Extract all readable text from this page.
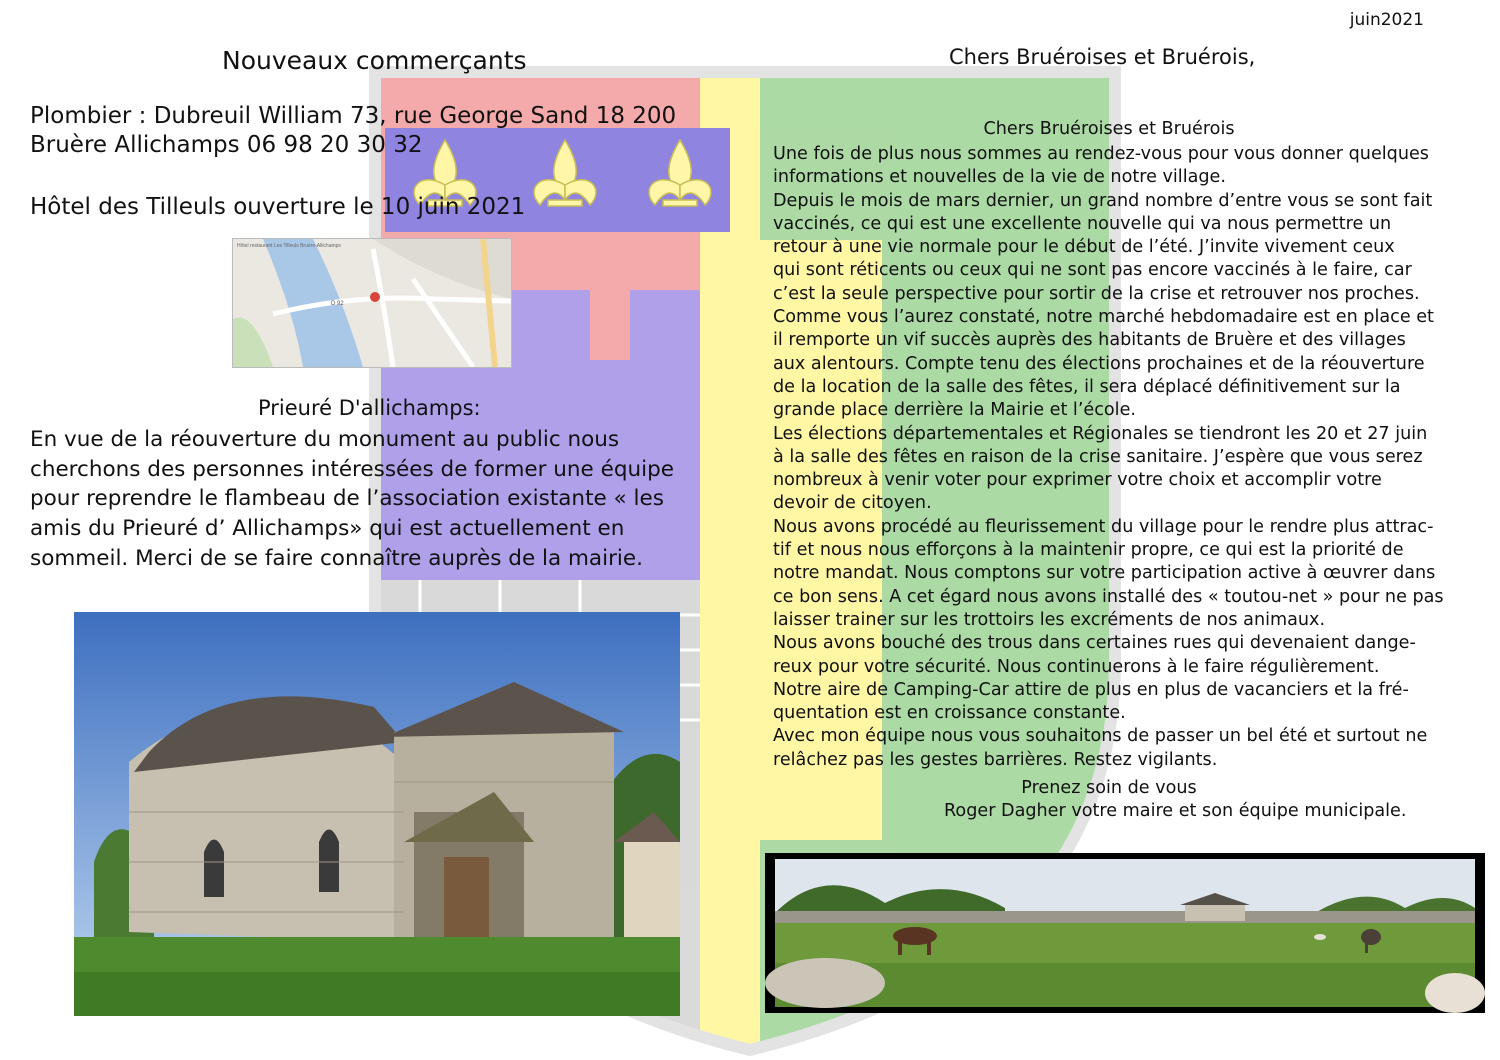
juin2021
Nouveaux commerçants
Plombier : Dubreuil William 73, rue George Sand 18 200
Bruère Allichamps 06 98 20 30 32
Hôtel des Tilleuls ouverture le 10 juin 2021
Hôtel restaurant Les Tilleuls Bruère-Allichamps
D 92
Prieuré D'allichamps:
En vue de la réouverture du monument au public nous
cherchons des personnes intéressées de former une équipe
pour reprendre le flambeau de l’association existante « les
amis du Prieuré d’ Allichamps» qui est actuellement en
sommeil. Merci de se faire connaître auprès de la mairie.
Chers Bruéroises et Bruérois,
Chers Bruéroises et Bruérois
Une fois de plus nous sommes au rendez-vous pour vous donner quelques
informations et nouvelles de la vie de notre village.
Depuis le mois de mars dernier, un grand nombre d’entre vous se sont fait
vaccinés, ce qui est une excellente nouvelle qui va nous permettre un
retour à une vie normale pour le début de l’été. J’invite vivement ceux
qui sont réticents ou ceux qui ne sont pas encore vaccinés à le faire, car
c’est la seule perspective pour sortir de la crise et retrouver nos proches.
Comme vous l’aurez constaté, notre marché hebdomadaire est en place et
il remporte un vif succès auprès des habitants de Bruère et des villages
aux alentours. Compte tenu des élections prochaines et de la réouverture
de la location de la salle des fêtes, il sera déplacé définitivement sur la
grande place derrière la Mairie et l’école.
Les élections départementales et Régionales se tiendront les 20 et 27 juin
à la salle des fêtes en raison de la crise sanitaire. J’espère que vous serez
nombreux à venir voter pour exprimer votre choix et accomplir votre
devoir de citoyen.
Nous avons procédé au fleurissement du village pour le rendre plus attrac-
tif et nous nous efforçons à la maintenir propre, ce qui est la priorité de
notre mandat. Nous comptons sur votre participation active à œuvrer dans
ce bon sens. A cet égard nous avons installé des « toutou-net » pour ne pas
laisser trainer sur les trottoirs les excréments de nos animaux.
Nous avons bouché des trous dans certaines rues qui devenaient dange-
reux pour votre sécurité. Nous continuerons à le faire régulièrement.
Notre aire de Camping-Car attire de plus en plus de vacanciers et la fré-
quentation est en croissance constante.
Avec mon équipe nous vous souhaitons de passer un bel été et surtout ne
relâchez pas les gestes barrières. Restez vigilants.
Prenez soin de vous
Roger Dagher votre maire et son équipe municipale.
